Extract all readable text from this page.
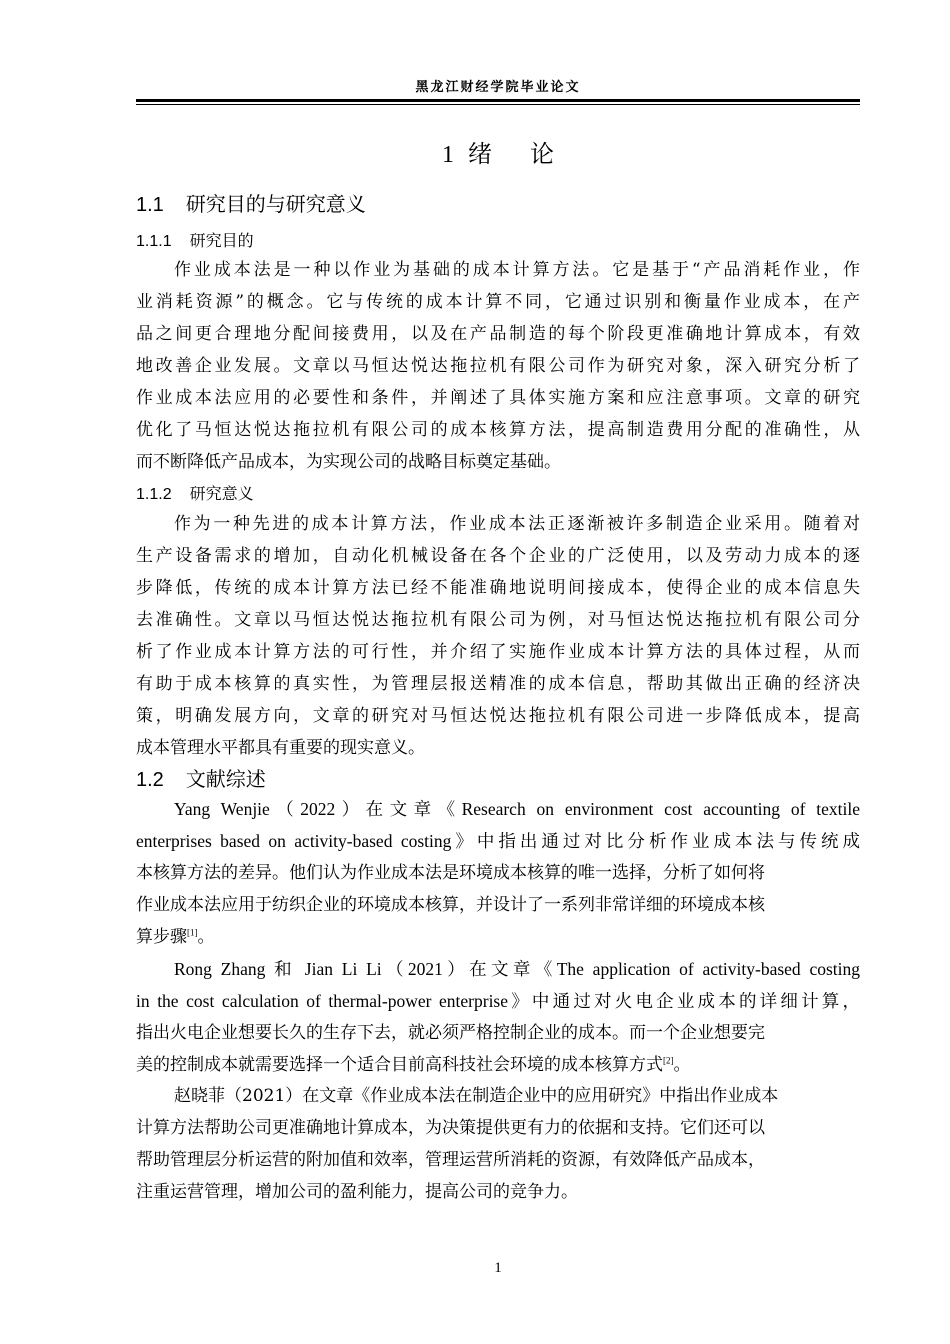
黑龙江财经学院毕业论文
1 绪 论
1.1 研究目的与研究意义
1.1.1 研究目的
作业成本法是一种以作业为基础的成本计算方法。它是基于“产品消耗作业，作
业消耗资源”的概念。它与传统的成本计算不同，它通过识别和衡量作业成本，在产
品之间更合理地分配间接费用，以及在产品制造的每个阶段更准确地计算成本，有效
地改善企业发展。文章以马恒达悦达拖拉机有限公司作为研究对象，深入研究分析了
作业成本法应用的必要性和条件，并阐述了具体实施方案和应注意事项。文章的研究
优化了马恒达悦达拖拉机有限公司的成本核算方法，提高制造费用分配的准确性，从
而不断降低产品成本，为实现公司的战略目标奠定基础。
1.1.2 研究意义
作为一种先进的成本计算方法，作业成本法正逐渐被许多制造企业采用。随着对
生产设备需求的增加，自动化机械设备在各个企业的广泛使用，以及劳动力成本的逐
步降低，传统的成本计算方法已经不能准确地说明间接成本，使得企业的成本信息失
去准确性。文章以马恒达悦达拖拉机有限公司为例，对马恒达悦达拖拉机有限公司分
析了作业成本计算方法的可行性，并介绍了实施作业成本计算方法的具体过程，从而
有助于成本核算的真实性，为管理层报送精准的成本信息，帮助其做出正确的经济决
策，明确发展方向，文章的研究对马恒达悦达拖拉机有限公司进一步降低成本，提高
成本管理水平都具有重要的现实意义。
1.2 文献综述
Yang Wenjie（2022）在文章《Research on environment cost accounting of textile
enterprises based on activity-based costing》中指出通过对比分析作业成本法与传统成
本核算方法的差异。他们认为作业成本法是环境成本核算的唯一选择，分析了如何将
作业成本法应用于纺织企业的环境成本核算，并设计了一系列非常详细的环境成本核
算步骤[1]。
Rong Zhang 和 Jian Li Li（2021）在文章《The application of activity-based costing
in the cost calculation of thermal-power enterprise》中通过对火电企业成本的详细计算，
指出火电企业想要长久的生存下去，就必须严格控制企业的成本。而一个企业想要完
美的控制成本就需要选择一个适合目前高科技社会环境的成本核算方式[2]。
赵晓菲（2021）在文章《作业成本法在制造企业中的应用研究》中指出作业成本
计算方法帮助公司更准确地计算成本，为决策提供更有力的依据和支持。它们还可以
帮助管理层分析运营的附加值和效率，管理运营所消耗的资源，有效降低产品成本，
注重运营管理，增加公司的盈利能力，提高公司的竞争力。
1
